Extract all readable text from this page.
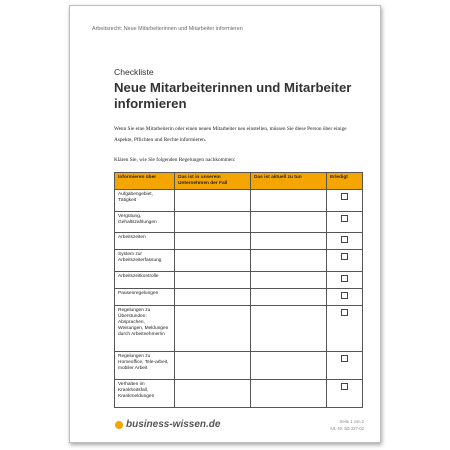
Arbeitsrecht: Neue Mitarbeiterinnen und Mitarbeiter informieren
Checkliste
Neue Mitarbeiterinnen und Mitarbeiter informieren
Wenn Sie eine Mitarbeiterin oder einen neuen Mitarbeiter neu einstellen, müssen Sie diese Person über einige Aspekte, Pflichten und Rechte informieren.
Klären Sie, wie Sie folgenden Regelungen nachkommen:
Informieren über	Das ist in unserem Unternehmen der Fall	Das ist aktuell zu tun	Erledigt
Aufgabengebiet, Tätigkeit			
Vergütung, Gehaltszahlungen			
Arbeitszeiten			
System zur Arbeitszeiterfassung			
Arbeitszeitkontrolle			
Pausenregelungen			
Regelungen zu Überstunden: Absprachen, Weisungen, Meldungen durch Arbeitnehmer/in			
Regelungen zu Homeoffice, Tele-arbeit, mobiler Arbeit			
Verhalten im Krankheitsfall, Krankmeldungen			
business-wissen.de	Seite 1 von 2
Art.-Nr. 5ib 227-02
